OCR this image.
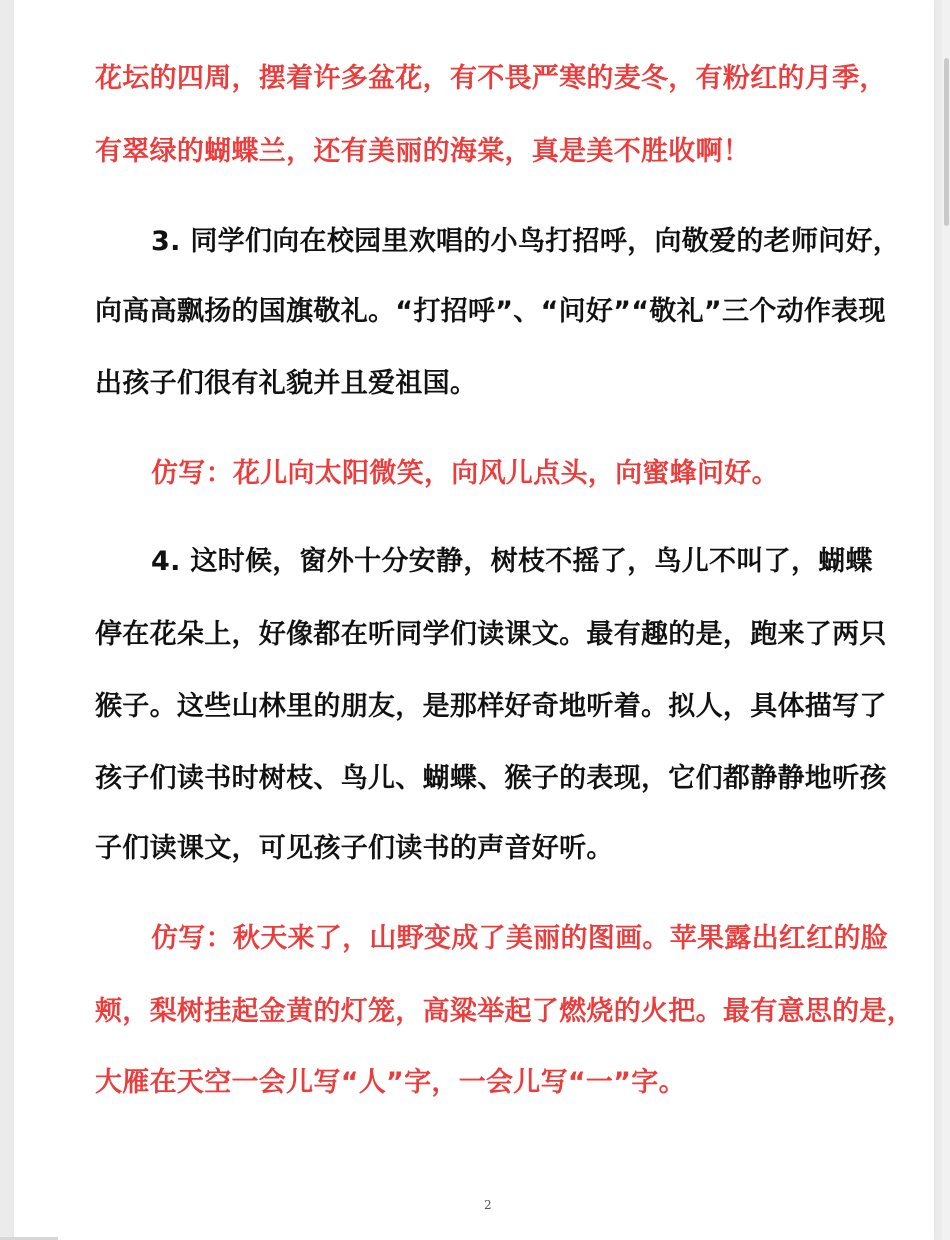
花坛的四周，摆着许多盆花，有不畏严寒的麦冬，有粉红的月季，
有翠绿的蝴蝶兰，还有美丽的海棠，真是美不胜收啊！
3. 同学们向在校园里欢唱的小鸟打招呼，向敬爱的老师问好，
向高高飘扬的国旗敬礼。“打招呼”、“问好”“敬礼”三个动作表现
出孩子们很有礼貌并且爱祖国。
仿写：花儿向太阳微笑，向风儿点头，向蜜蜂问好。
4. 这时候，窗外十分安静，树枝不摇了，鸟儿不叫了，蝴蝶
停在花朵上，好像都在听同学们读课文。最有趣的是，跑来了两只
猴子。这些山林里的朋友，是那样好奇地听着。拟人，具体描写了
孩子们读书时树枝、鸟儿、蝴蝶、猴子的表现，它们都静静地听孩
子们读课文，可见孩子们读书的声音好听。
仿写：秋天来了，山野变成了美丽的图画。苹果露出红红的脸
颊，梨树挂起金黄的灯笼，高粱举起了燃烧的火把。最有意思的是，
大雁在天空一会儿写“人”字，一会儿写“一”字。
2
